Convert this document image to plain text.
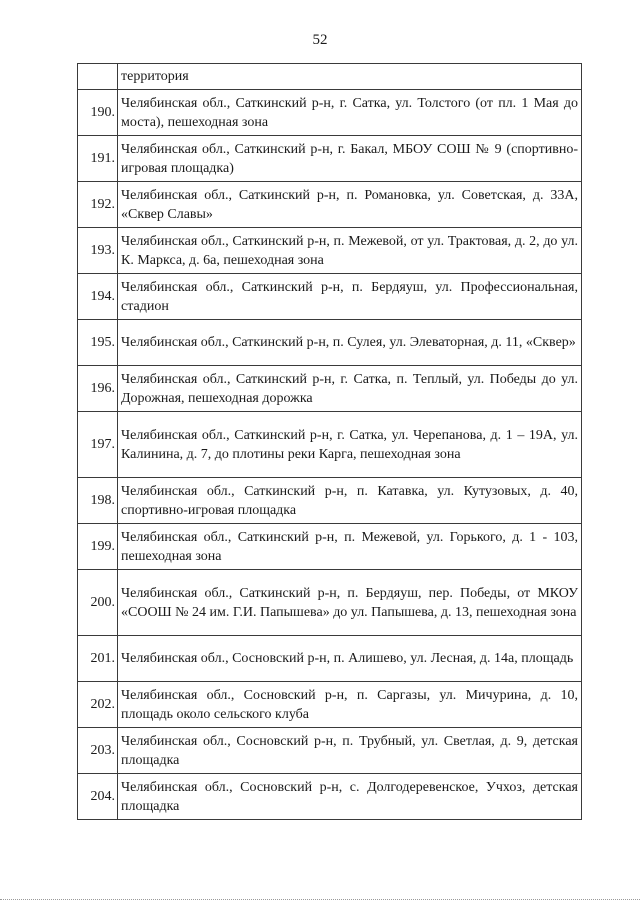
52
	территория
190.	Челябинская обл., Саткинский р-н, г. Сатка, ул. Толстого (от пл. 1 Мая до моста), пешеходная зона
191.	Челябинская обл., Саткинский р-н, г. Бакал, МБОУ СОШ № 9 (спортивно-игровая площадка)
192.	Челябинская обл., Саткинский р-н, п. Романовка, ул. Советская, д. 33А, «Сквер Славы»
193.	Челябинская обл., Саткинский р-н, п. Межевой, от ул. Трактовая, д. 2, до ул. К. Маркса, д. 6а, пешеходная зона
194.	Челябинская обл., Саткинский р-н, п. Бердяуш, ул. Профессиональная, стадион
195.	Челябинская обл., Саткинский р-н, п. Сулея, ул. Элеваторная, д. 11, «Сквер»
196.	Челябинская обл., Саткинский р-н, г. Сатка, п. Теплый, ул. Победы до ул. Дорожная, пешеходная дорожка
197.	Челябинская обл., Саткинский р-н, г. Сатка, ул. Черепанова, д. 1 – 19А, ул. Калинина, д. 7, до плотины реки Карга, пешеходная зона
198.	Челябинская обл., Саткинский р-н, п. Катавка, ул. Кутузовых, д. 40, спортивно-игровая площадка
199.	Челябинская обл., Саткинский р-н, п. Межевой, ул. Горького, д. 1 - 103, пешеходная зона
200.	Челябинская обл., Саткинский р-н, п. Бердяуш, пер. Победы, от МКОУ «СООШ № 24 им. Г.И. Папышева» до ул. Папышева, д. 13, пешеходная зона
201.	Челябинская обл., Сосновский р-н, п. Алишево, ул. Лесная, д. 14а, площадь
202.	Челябинская обл., Сосновский р-н, п. Саргазы, ул. Мичурина, д. 10, площадь около сельского клуба
203.	Челябинская обл., Сосновский р-н, п. Трубный, ул. Светлая, д. 9, детская площадка
204.	Челябинская обл., Сосновский р-н, с. Долгодеревенское, Учхоз, детская площадка
